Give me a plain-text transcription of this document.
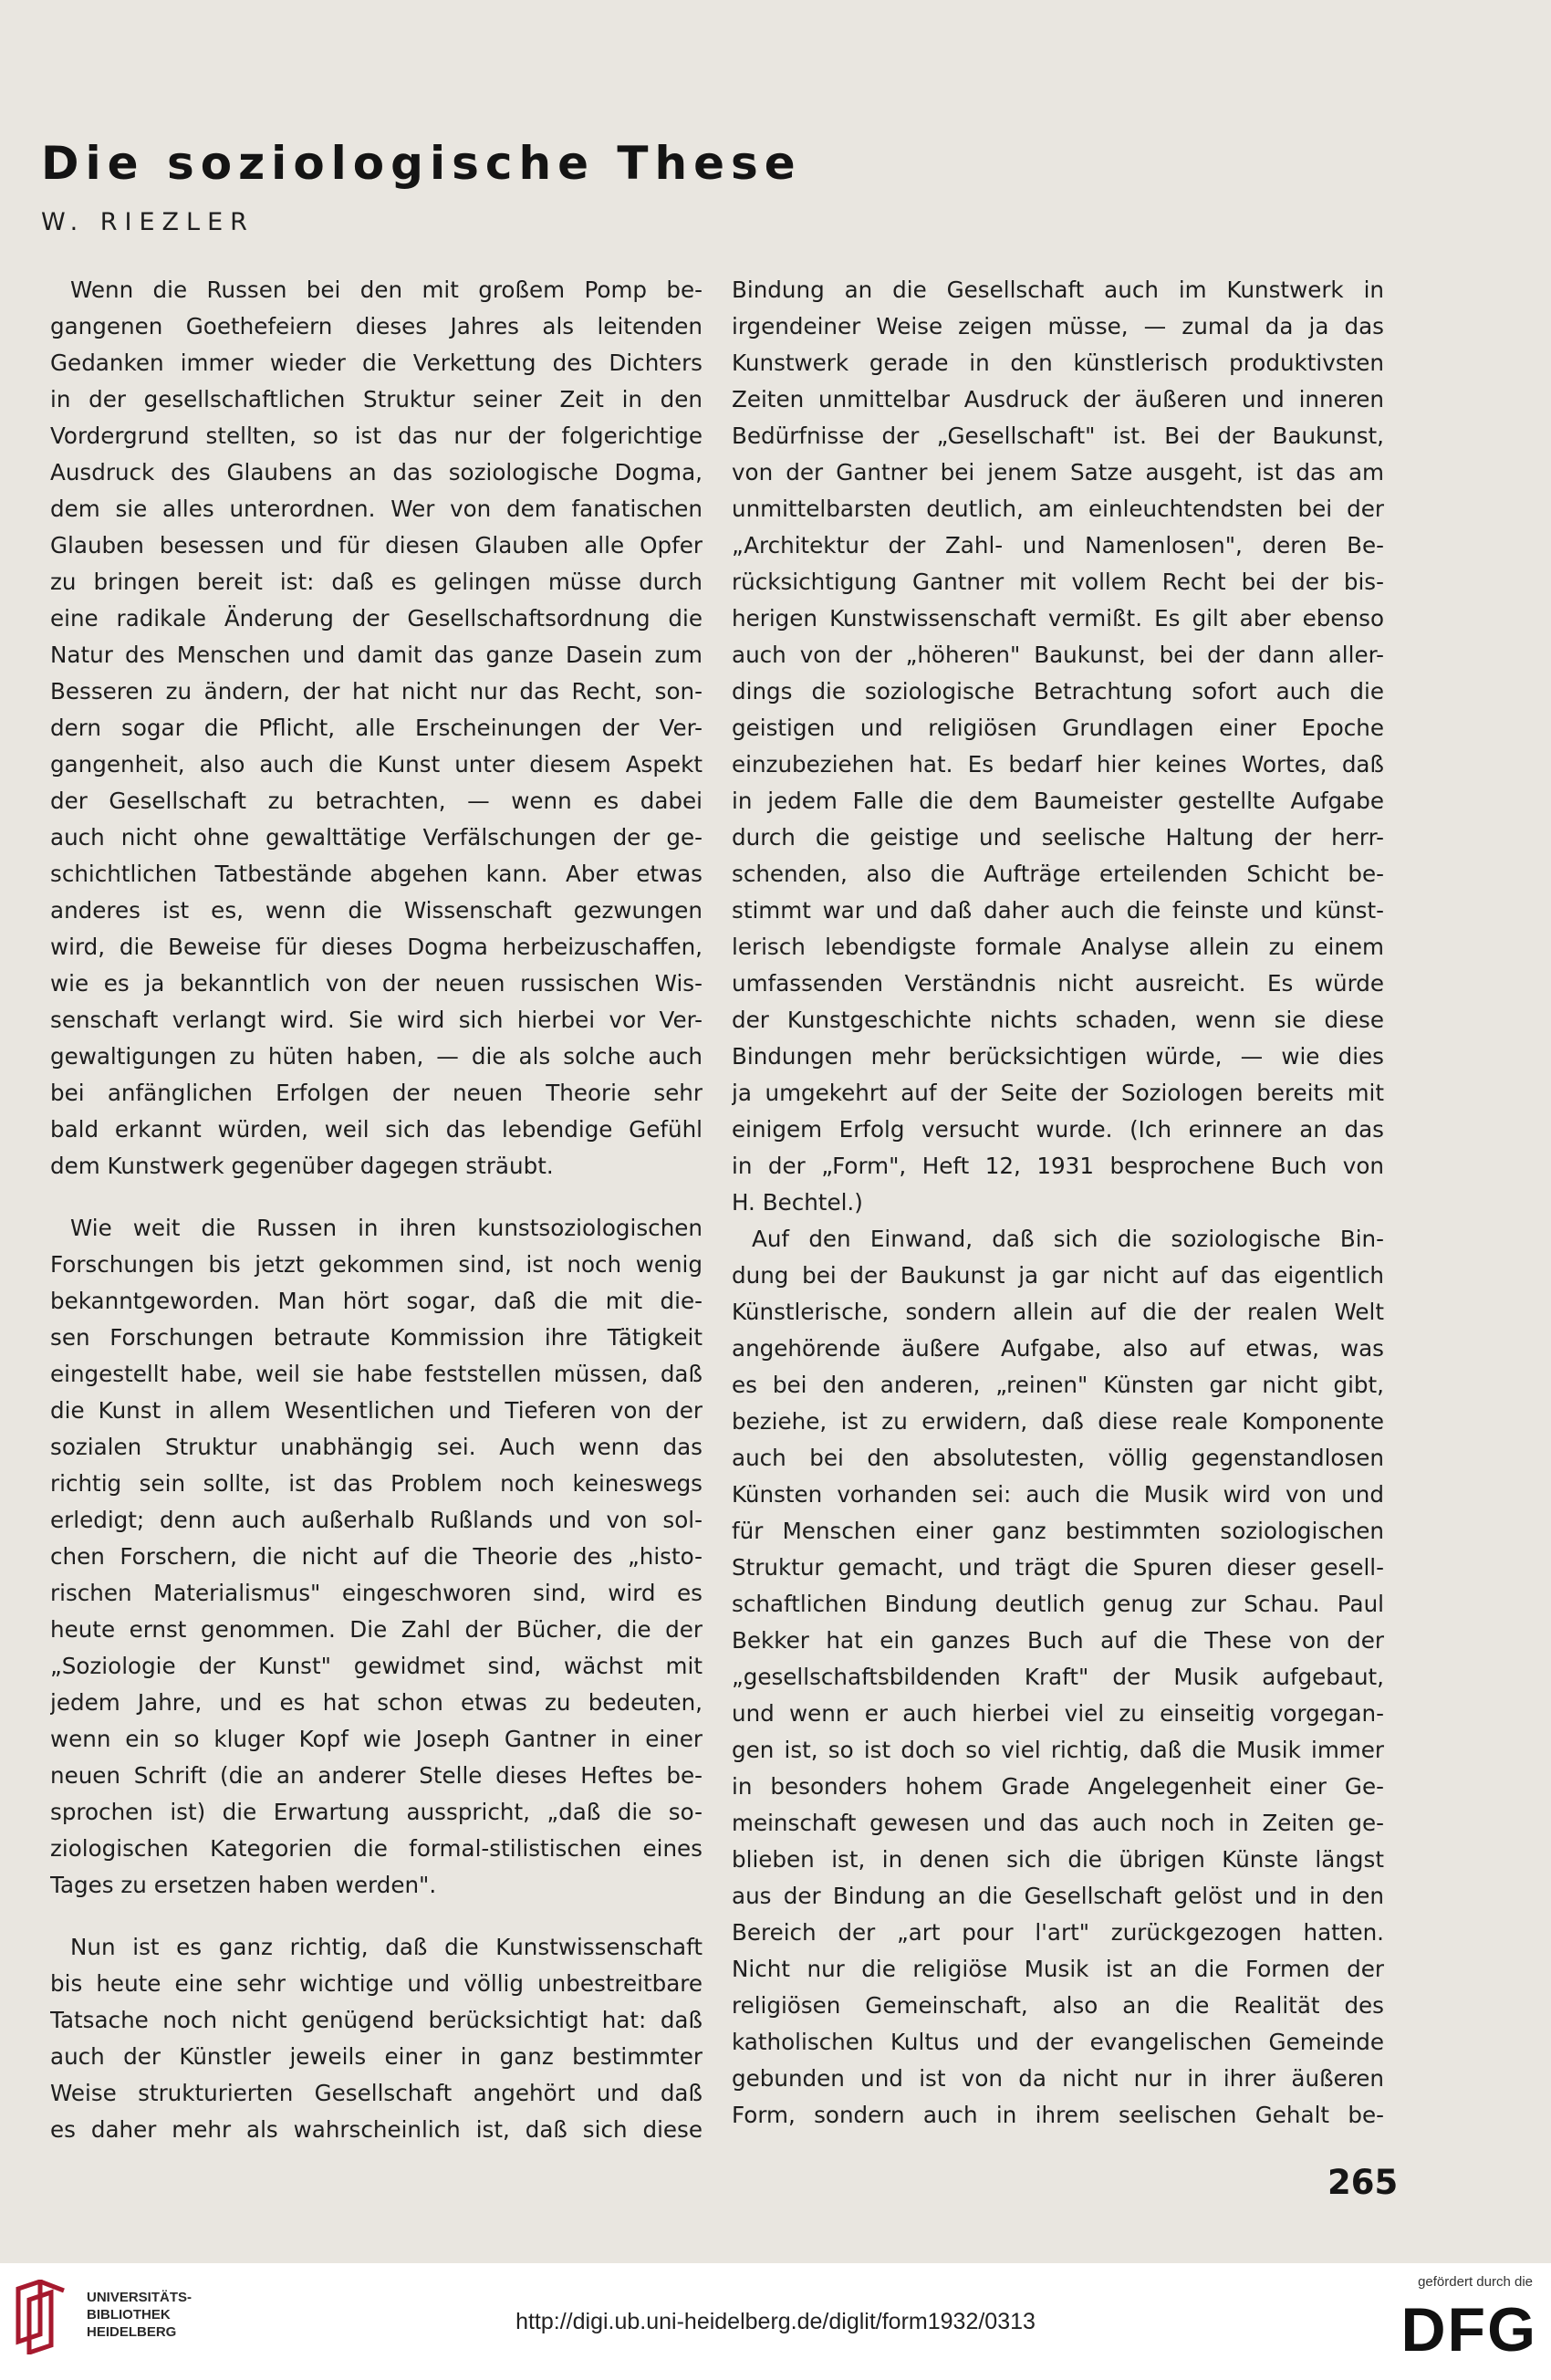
Die soziologische These
W. RIEZLER
Wenn die Russen bei den mit großem Pomp be-
gangenen Goethefeiern dieses Jahres als leitenden
Gedanken immer wieder die Verkettung des Dichters
in der gesellschaftlichen Struktur seiner Zeit in den
Vordergrund stellten, so ist das nur der folgerichtige
Ausdruck des Glaubens an das soziologische Dogma,
dem sie alles unterordnen. Wer von dem fanatischen
Glauben besessen und für diesen Glauben alle Opfer
zu bringen bereit ist: daß es gelingen müsse durch
eine radikale Änderung der Gesellschaftsordnung die
Natur des Menschen und damit das ganze Dasein zum
Besseren zu ändern, der hat nicht nur das Recht, son-
dern sogar die Pflicht, alle Erscheinungen der Ver-
gangenheit, also auch die Kunst unter diesem Aspekt
der Gesellschaft zu betrachten, — wenn es dabei
auch nicht ohne gewalttätige Verfälschungen der ge-
schichtlichen Tatbestände abgehen kann. Aber etwas
anderes ist es, wenn die Wissenschaft gezwungen
wird, die Beweise für dieses Dogma herbeizuschaffen,
wie es ja bekanntlich von der neuen russischen Wis-
senschaft verlangt wird. Sie wird sich hierbei vor Ver-
gewaltigungen zu hüten haben, — die als solche auch
bei anfänglichen Erfolgen der neuen Theorie sehr
bald erkannt würden, weil sich das lebendige Gefühl
dem Kunstwerk gegenüber dagegen sträubt.
Wie weit die Russen in ihren kunstsoziologischen
Forschungen bis jetzt gekommen sind, ist noch wenig
bekanntgeworden. Man hört sogar, daß die mit die-
sen Forschungen betraute Kommission ihre Tätigkeit
eingestellt habe, weil sie habe feststellen müssen, daß
die Kunst in allem Wesentlichen und Tieferen von der
sozialen Struktur unabhängig sei. Auch wenn das
richtig sein sollte, ist das Problem noch keineswegs
erledigt; denn auch außerhalb Rußlands und von sol-
chen Forschern, die nicht auf die Theorie des „histo-
rischen Materialismus" eingeschworen sind, wird es
heute ernst genommen. Die Zahl der Bücher, die der
„Soziologie der Kunst" gewidmet sind, wächst mit
jedem Jahre, und es hat schon etwas zu bedeuten,
wenn ein so kluger Kopf wie Joseph Gantner in einer
neuen Schrift (die an anderer Stelle dieses Heftes be-
sprochen ist) die Erwartung ausspricht, „daß die so-
ziologischen Kategorien die formal-stilistischen eines
Tages zu ersetzen haben werden".
Nun ist es ganz richtig, daß die Kunstwissenschaft
bis heute eine sehr wichtige und völlig unbestreitbare
Tatsache noch nicht genügend berücksichtigt hat: daß
auch der Künstler jeweils einer in ganz bestimmter
Weise strukturierten Gesellschaft angehört und daß
es daher mehr als wahrscheinlich ist, daß sich diese
Bindung an die Gesellschaft auch im Kunstwerk in
irgendeiner Weise zeigen müsse, — zumal da ja das
Kunstwerk gerade in den künstlerisch produktivsten
Zeiten unmittelbar Ausdruck der äußeren und inneren
Bedürfnisse der „Gesellschaft" ist. Bei der Baukunst,
von der Gantner bei jenem Satze ausgeht, ist das am
unmittelbarsten deutlich, am einleuchtendsten bei der
„Architektur der Zahl- und Namenlosen", deren Be-
rücksichtigung Gantner mit vollem Recht bei der bis-
herigen Kunstwissenschaft vermißt. Es gilt aber ebenso
auch von der „höheren" Baukunst, bei der dann aller-
dings die soziologische Betrachtung sofort auch die
geistigen und religiösen Grundlagen einer Epoche
einzubeziehen hat. Es bedarf hier keines Wortes, daß
in jedem Falle die dem Baumeister gestellte Aufgabe
durch die geistige und seelische Haltung der herr-
schenden, also die Aufträge erteilenden Schicht be-
stimmt war und daß daher auch die feinste und künst-
lerisch lebendigste formale Analyse allein zu einem
umfassenden Verständnis nicht ausreicht. Es würde
der Kunstgeschichte nichts schaden, wenn sie diese
Bindungen mehr berücksichtigen würde, — wie dies
ja umgekehrt auf der Seite der Soziologen bereits mit
einigem Erfolg versucht wurde. (Ich erinnere an das
in der „Form", Heft 12, 1931 besprochene Buch von
H. Bechtel.)
Auf den Einwand, daß sich die soziologische Bin-
dung bei der Baukunst ja gar nicht auf das eigentlich
Künstlerische, sondern allein auf die der realen Welt
angehörende äußere Aufgabe, also auf etwas, was
es bei den anderen, „reinen" Künsten gar nicht gibt,
beziehe, ist zu erwidern, daß diese reale Komponente
auch bei den absolutesten, völlig gegenstandlosen
Künsten vorhanden sei: auch die Musik wird von und
für Menschen einer ganz bestimmten soziologischen
Struktur gemacht, und trägt die Spuren dieser gesell-
schaftlichen Bindung deutlich genug zur Schau. Paul
Bekker hat ein ganzes Buch auf die These von der
„gesellschaftsbildenden Kraft" der Musik aufgebaut,
und wenn er auch hierbei viel zu einseitig vorgegan-
gen ist, so ist doch so viel richtig, daß die Musik immer
in besonders hohem Grade Angelegenheit einer Ge-
meinschaft gewesen und das auch noch in Zeiten ge-
blieben ist, in denen sich die übrigen Künste längst
aus der Bindung an die Gesellschaft gelöst und in den
Bereich der „art pour l'art" zurückgezogen hatten.
Nicht nur die religiöse Musik ist an die Formen der
religiösen Gemeinschaft, also an die Realität des
katholischen Kultus und der evangelischen Gemeinde
gebunden und ist von da nicht nur in ihrer äußeren
Form, sondern auch in ihrem seelischen Gehalt be-
265
UNIVERSITÄTS-
BIBLIOTHEK
HEIDELBERG	http://digi.ub.uni-heidelberg.de/diglit/form1932/0313
gefördert durch die
DFG
